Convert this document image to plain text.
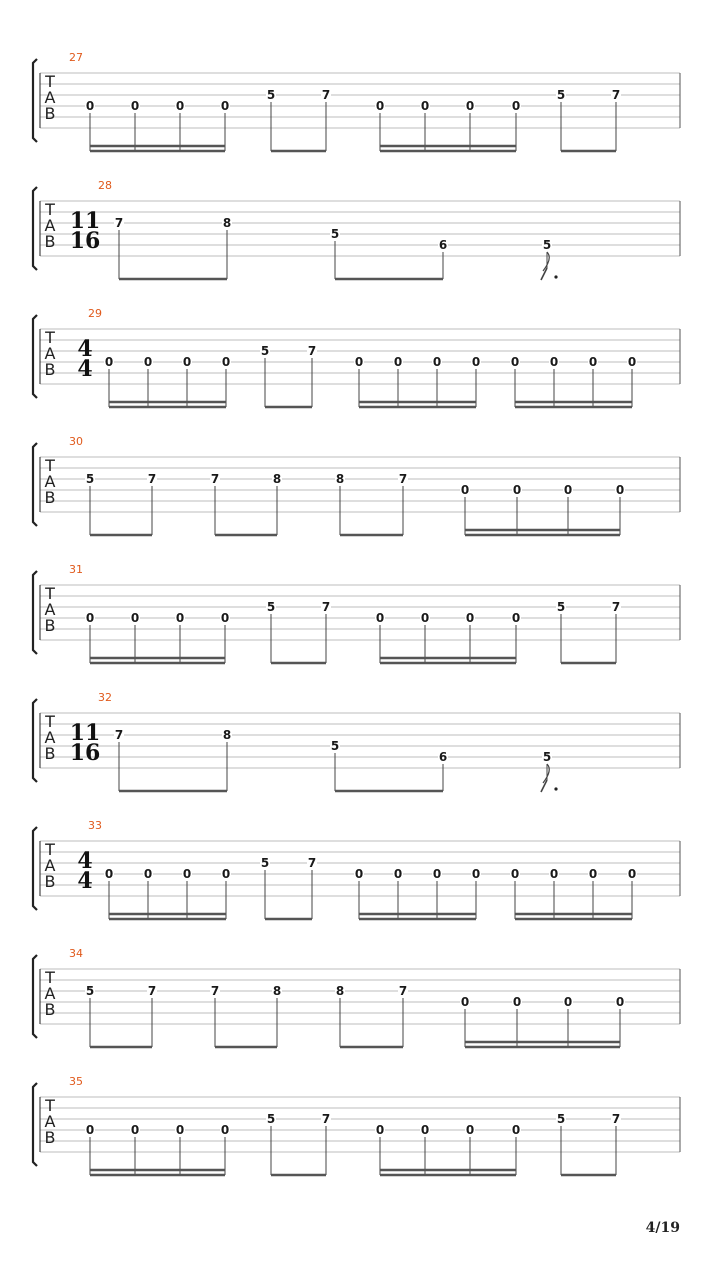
T
A
B
27
0	0	0	0
5	7
0	0	0	0
5	7
T
A
B
28
11
16
7	8
5
6	5
T
A
B
29
4
4 0	0	0	0
5	7
0	0	0	0	0	0	0	0
T
A
B
30
5	7	7	8	8	7
0	0	0	0
T
A
B
31
0	0	0	0
5	7
0	0	0	0
5	7
T
A
B
32
11
16
7	8
5
6	5
T
A
B
33
4
4 0	0	0	0
5	7
0	0	0	0	0	0	0	0
T
A
B
34
5	7	7	8	8	7
0	0	0	0
T
A
B
35
0	0	0	0
5	7
0	0	0	0
5	7
4/19
